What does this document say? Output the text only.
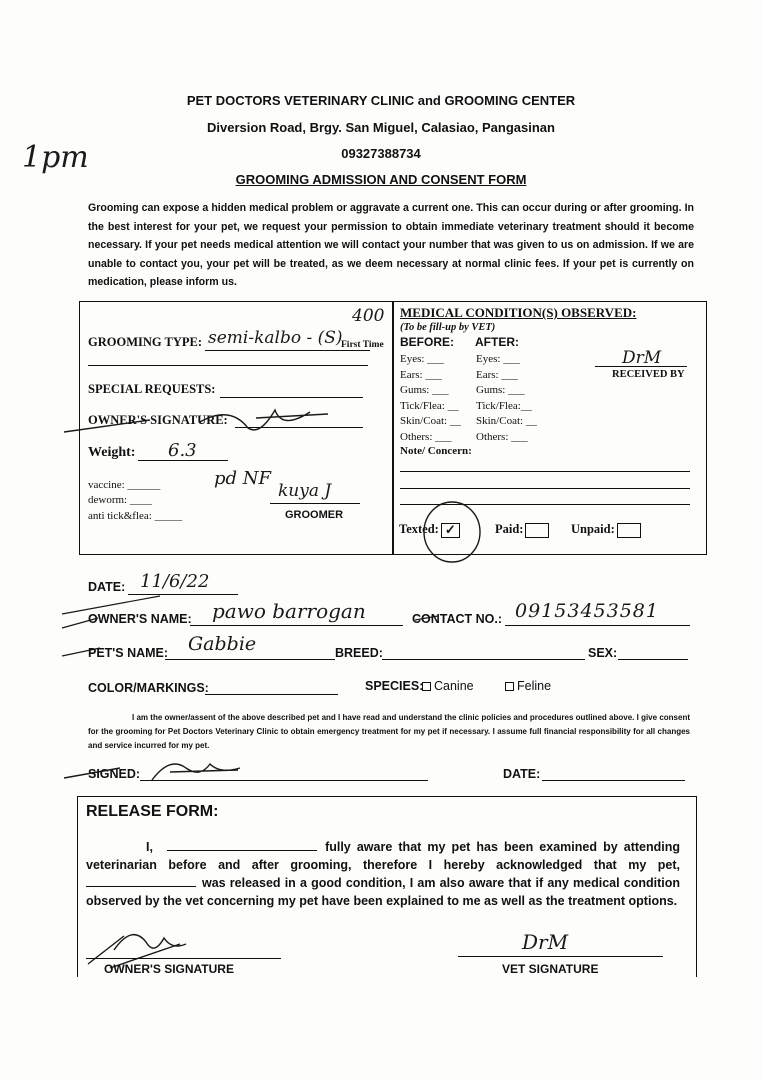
1pm
PET DOCTORS VETERINARY CLINIC and GROOMING CENTER
Diversion Road, Brgy. San Miguel, Calasiao, Pangasinan
09327388734
GROOMING ADMISSION AND CONSENT FORM
Grooming can expose a hidden medical problem or aggravate a current one. This can occur during or after grooming. In the best interest for your pet, we request your permission to obtain immediate veterinary treatment should it become necessary. If your pet needs medical attention we will contact your number that was given to us on admission. If we are unable to contact you, your pet will be treated, as we deem necessary at normal clinic fees. If your pet is currently on medication, please inform us.
GROOMING TYPE: semi-kalbo - (S)
400
First Time
SPECIAL REQUESTS:
OWNER'S SIGNATURE:
Weight: 6.3
vaccine: ______
deworm: ____
anti tick&flea: _____
pd NF
kuya J
GROOMER
MEDICAL CONDITION(S) OBSERVED:
(To be fill-up by VET)
BEFORE: AFTER:
Eyes: ___	Eyes: ___
Ears: ___	Ears: ___
Gums: ___ Gums: ___
Tick/Flea: __ Tick/Flea:__
Skin/Coat: __ Skin/Coat: __
Others: ___ Others: ___
DrM
RECEIVED BY
Note/ Concern:
Texted: ✓	Paid:	Unpaid:
DATE: 11/6/22
OWNER'S NAME: pawo barrogan	CONTACT NO.: 09153453581
PET'S NAME: Gabbie	BREED:	SEX:
COLOR/MARKINGS:	SPECIES: Canine	Feline
I am the owner/assent of the above described pet and I have read and understand the clinic policies and procedures outlined above. I give consent for the grooming for Pet Doctors Veterinary Clinic to obtain emergency treatment for my pet if necessary. I assume full financial responsibility for all changes and service incurred for my pet.
SIGNED:	DATE:
RELEASE FORM:
I,	fully aware that my pet has been examined by attending veterinarian before and after grooming, therefore I hereby acknowledged that my pet, was released in a good condition, I am also aware that if any medical condition observed by the vet concerning my pet have been explained to me as well as the treatment options.
OWNER'S SIGNATURE
DrM
VET SIGNATURE
